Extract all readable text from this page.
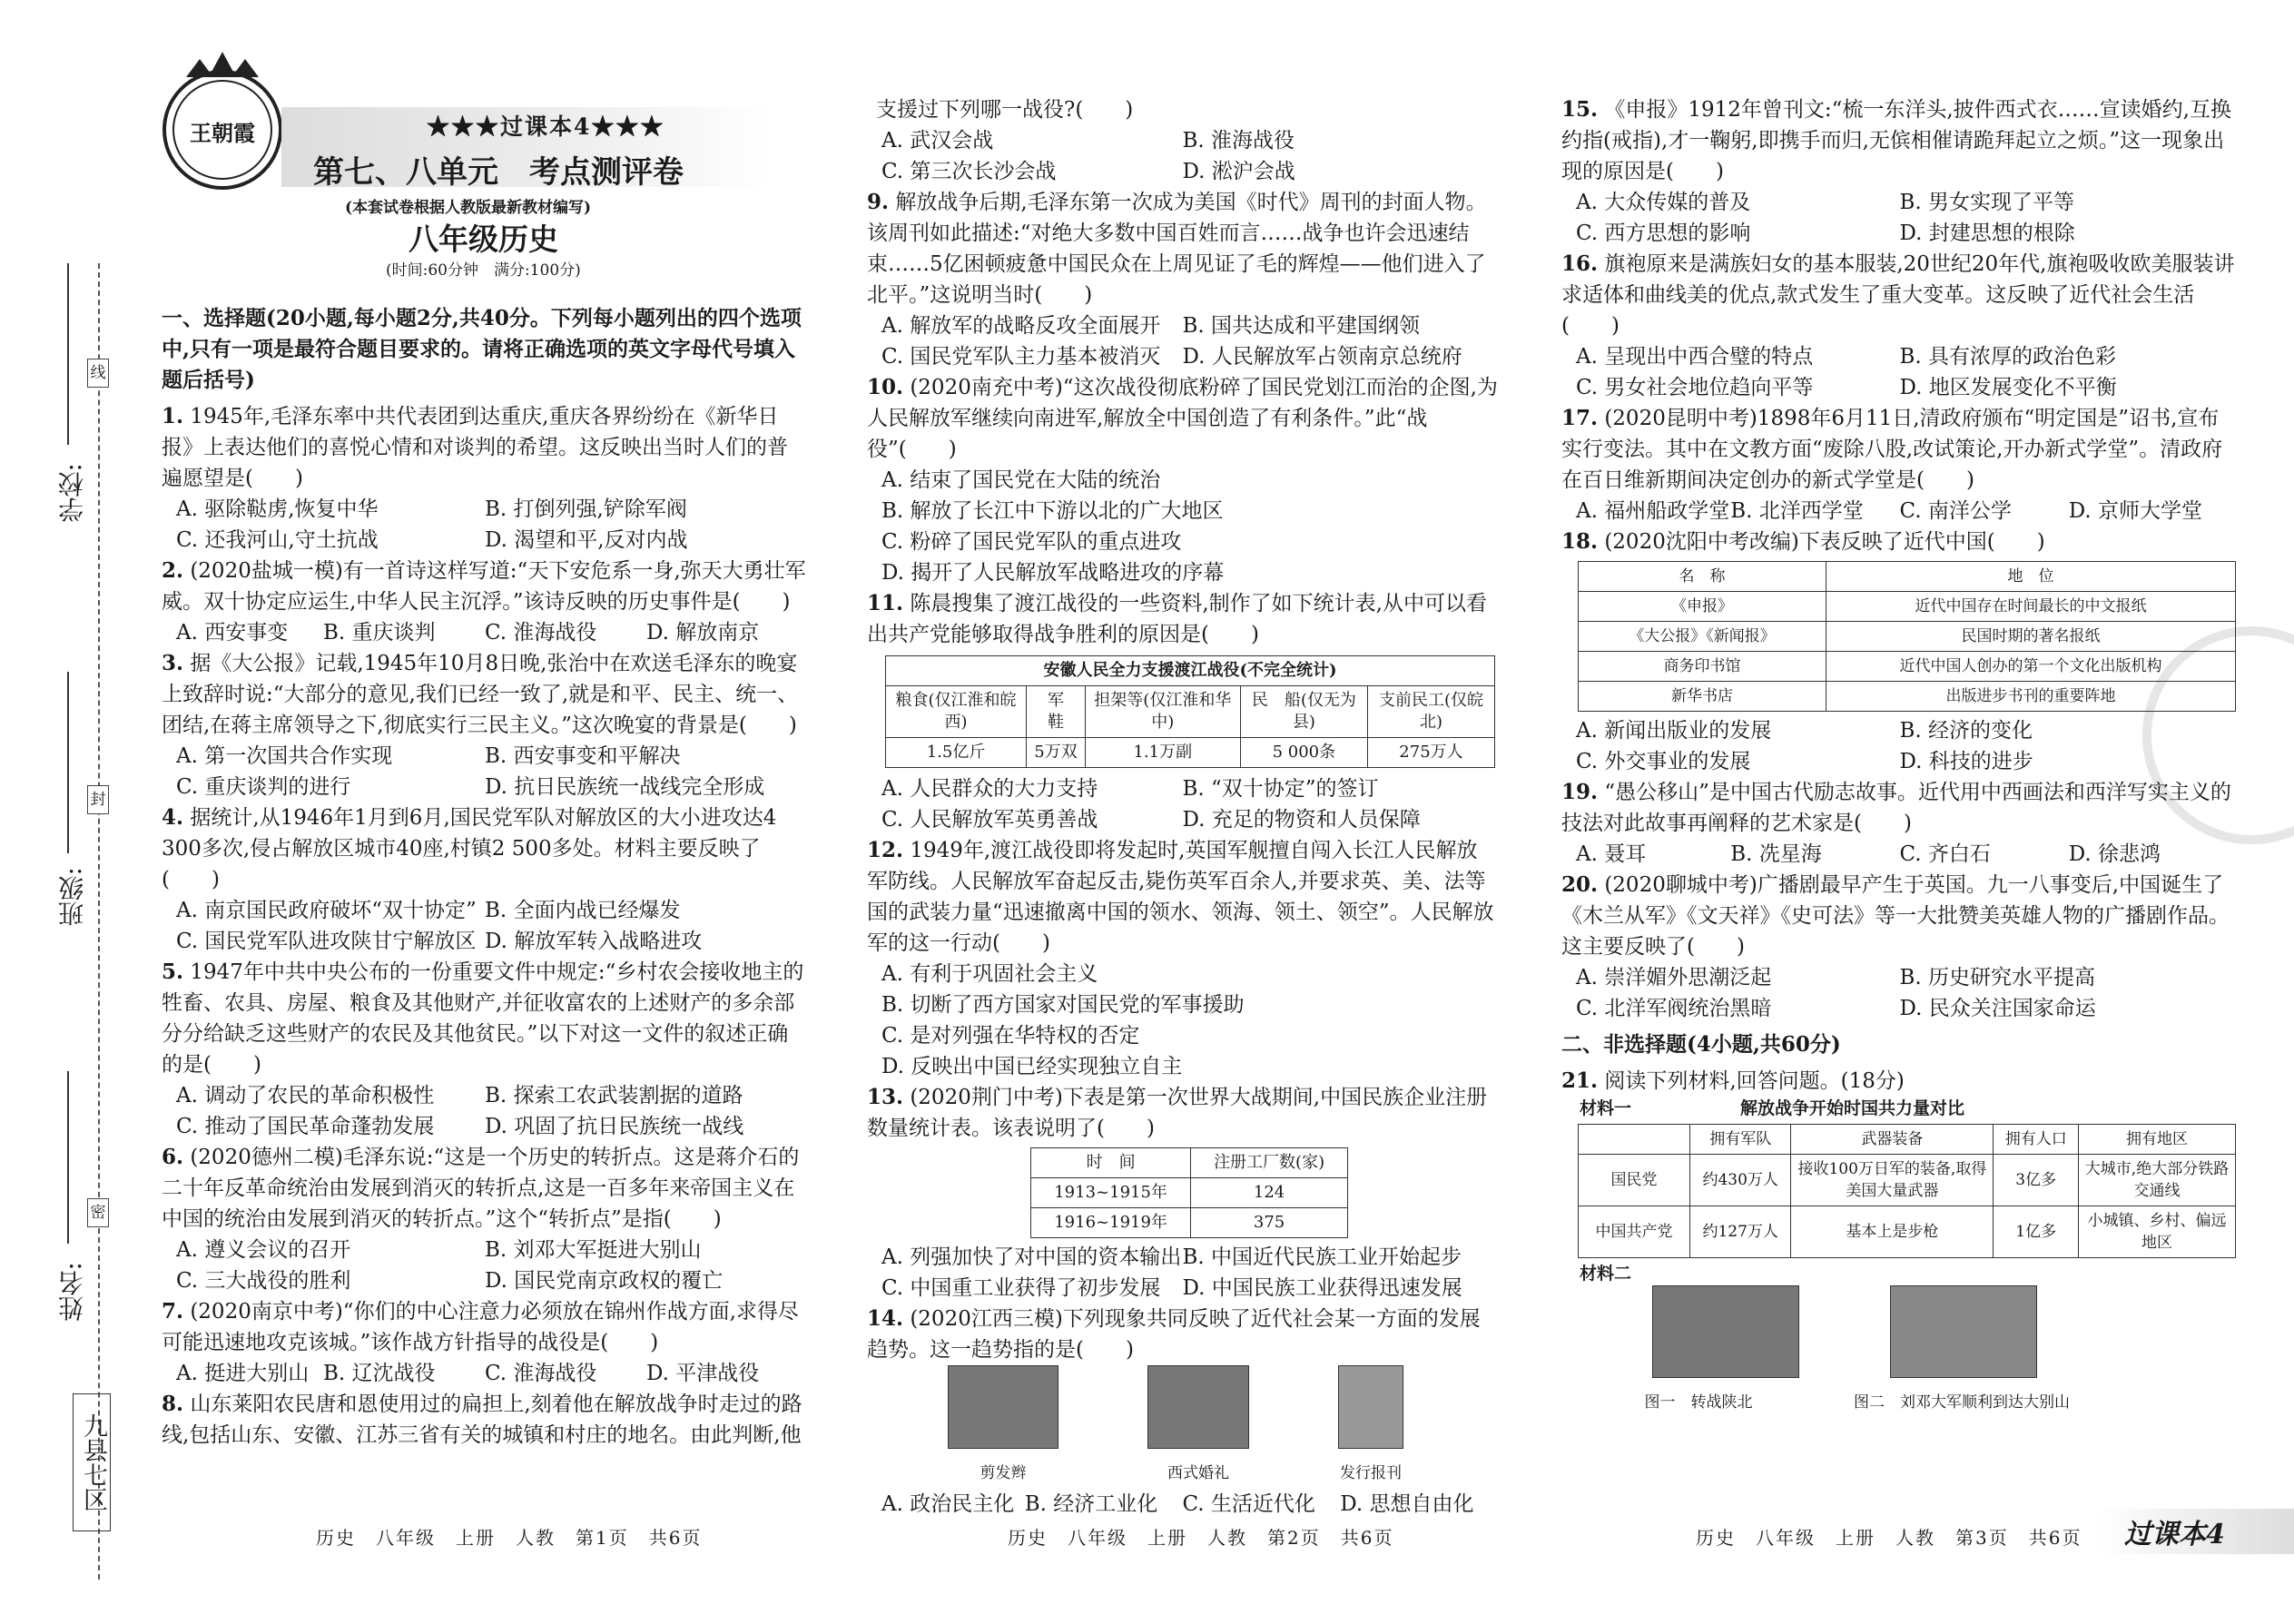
线
封
密
学校:
班级:
姓名:
九县七区
王朝霞	★★★过课本4★★★
第七、八单元　考点测评卷
(本套试卷根据人教版最新教材编写)
八年级历史
(时间:60分钟　满分:100分)

一、选择题(20小题,每小题2分,共40分。下列每小题列出的四个选项中,只有一项是最符合题目要求的。请将正确选项的英文字母代号填入题后括号)

1. 1945年,毛泽东率中共代表团到达重庆,重庆各界纷纷在《新华日报》上表达他们的喜悦心情和对谈判的希望。这反映出当时人们的普遍愿望是(　　)

A. 驱除鞑虏,恢复中华	B. 打倒列强,铲除军阀
C. 还我河山,守土抗战	D. 渴望和平,反对内战

2. (2020盐城一模)有一首诗这样写道:“天下安危系一身,弥天大勇壮军威。双十协定应运生,中华人民主沉浮。”该诗反映的历史事件是(　　)

A. 西安事变	B. 重庆谈判	C. 淮海战役	D. 解放南京

3. 据《大公报》记载,1945年10月8日晚,张治中在欢送毛泽东的晚宴上致辞时说:“大部分的意见,我们已经一致了,就是和平、民主、统一、团结,在蒋主席领导之下,彻底实行三民主义。”这次晚宴的背景是(　　)

A. 第一次国共合作实现	B. 西安事变和平解决
C. 重庆谈判的进行	D. 抗日民族统一战线完全形成

4. 据统计,从1946年1月到6月,国民党军队对解放区的大小进攻达4 300多次,侵占解放区城市40座,村镇2 500多处。材料主要反映了(　　)

A. 南京国民政府破坏“双十协定” B. 全面内战已经爆发
C. 国民党军队进攻陕甘宁解放区 D. 解放军转入战略进攻

5. 1947年中共中央公布的一份重要文件中规定:“乡村农会接收地主的牲畜、农具、房屋、粮食及其他财产,并征收富农的上述财产的多余部分分给缺乏这些财产的农民及其他贫民。”以下对这一文件的叙述正确的是(　　)

A. 调动了农民的革命积极性	B. 探索工农武装割据的道路
C. 推动了国民革命蓬勃发展	D. 巩固了抗日民族统一战线

6. (2020德州二模)毛泽东说:“这是一个历史的转折点。这是蒋介石的二十年反革命统治由发展到消灭的转折点,这是一百多年来帝国主义在中国的统治由发展到消灭的转折点。”这个“转折点”是指(　　)

A. 遵义会议的召开	B. 刘邓大军挺进大别山
C. 三大战役的胜利	D. 国民党南京政权的覆亡

7. (2020南京中考)“你们的中心注意力必须放在锦州作战方面,求得尽可能迅速地攻克该城。”该作战方针指导的战役是(　　)

A. 挺进大别山 B. 辽沈战役	C. 淮海战役	D. 平津战役

8. 山东莱阳农民唐和恩使用过的扁担上,刻着他在解放战争时走过的路线,包括山东、安徽、江苏三省有关的城镇和村庄的地名。由此判断,他

支援过下列哪一战役?(　　)

A. 武汉会战	B. 淮海战役
C. 第三次长沙会战	D. 淞沪会战

9. 解放战争后期,毛泽东第一次成为美国《时代》周刊的封面人物。该周刊如此描述:“对绝大多数中国百姓而言……战争也许会迅速结束……5亿困顿疲惫中国民众在上周见证了毛的辉煌——他们进入了北平。”这说明当时(　　)

A. 解放军的战略反攻全面展开	B. 国共达成和平建国纲领
C. 国民党军队主力基本被消灭	D. 人民解放军占领南京总统府

10. (2020南充中考)“这次战役彻底粉碎了国民党划江而治的企图,为人民解放军继续向南进军,解放全中国创造了有利条件。”此“战役”(　　)

A. 结束了国民党在大陆的统治
B. 解放了长江中下游以北的广大地区
C. 粉碎了国民党军队的重点进攻
D. 揭开了人民解放军战略进攻的序幕

11. 陈晨搜集了渡江战役的一些资料,制作了如下统计表,从中可以看出共产党能够取得战争胜利的原因是(　　)

安徽人民全力支援渡江战役(不完全统计)				
粮食(仅江淮和皖西)	军　鞋	担架等(仅江淮和华中)	民　船(仅无为县)	支前民工(仅皖北)
1.5亿斤	5万双	1.1万副	5 000条	275万人
A. 人民群众的大力支持	B. “双十协定”的签订
C. 人民解放军英勇善战	D. 充足的物资和人员保障

12. 1949年,渡江战役即将发起时,英国军舰擅自闯入长江人民解放军防线。人民解放军奋起反击,毙伤英军百余人,并要求英、美、法等国的武装力量“迅速撤离中国的领水、领海、领土、领空”。人民解放军的这一行动(　　)

A. 有利于巩固社会主义
B. 切断了西方国家对国民党的军事援助
C. 是对列强在华特权的否定
D. 反映出中国已经实现独立自主

13. (2020荆门中考)下表是第一次世界大战期间,中国民族企业注册数量统计表。该表说明了(　　)

时　间	注册工厂数(家)
1913~1915年	124
1916~1919年	375
A. 列强加快了对中国的资本输出 B. 中国近代民族工业开始起步
C. 中国重工业获得了初步发展	D. 中国民族工业获得迅速发展

14. (2020江西三模)下列现象共同反映了近代社会某一方面的发展趋势。这一趋势指的是(　　)

剪发辫	西式婚礼	发行报刊
A. 政治民主化 B. 经济工业化	C. 生活近代化	D. 思想自由化

15. 《申报》1912年曾刊文:“梳一东洋头,披件西式衣……宣读婚约,互换约指(戒指),才一鞠躬,即携手而归,无傧相催请跪拜起立之烦。”这一现象出现的原因是(　　)

A. 大众传媒的普及	B. 男女实现了平等
C. 西方思想的影响	D. 封建思想的根除

16. 旗袍原来是满族妇女的基本服装,20世纪20年代,旗袍吸收欧美服装讲求适体和曲线美的优点,款式发生了重大变革。这反映了近代社会生活(　　)

A. 呈现出中西合璧的特点	B. 具有浓厚的政治色彩
C. 男女社会地位趋向平等	D. 地区发展变化不平衡

17. (2020昆明中考)1898年6月11日,清政府颁布“明定国是”诏书,宣布实行变法。其中在文教方面“废除八股,改试策论,开办新式学堂”。清政府在百日维新期间决定创办的新式学堂是(　　)

A. 福州船政学堂 B. 北洋西学堂	C. 南洋公学	D. 京师大学堂

18. (2020沈阳中考改编)下表反映了近代中国(　　)

名　称	地　位
《申报》	近代中国存在时间最长的中文报纸
《大公报》《新闻报》	民国时期的著名报纸
商务印书馆	近代中国人创办的第一个文化出版机构
新华书店	出版进步书刊的重要阵地
A. 新闻出版业的发展	B. 经济的变化
C. 外交事业的发展	D. 科技的进步

19. “愚公移山”是中国古代励志故事。近代用中西画法和西洋写实主义的技法对此故事再阐释的艺术家是(　　)

A. 聂耳	B. 冼星海	C. 齐白石	D. 徐悲鸿

20. (2020聊城中考)广播剧最早产生于英国。九一八事变后,中国诞生了《木兰从军》《文天祥》《史可法》等一大批赞美英雄人物的广播剧作品。这主要反映了(　　)

A. 崇洋媚外思潮泛起	B. 历史研究水平提高
C. 北洋军阀统治黑暗	D. 民众关注国家命运

二、非选择题(4小题,共60分)

21. 阅读下列材料,回答问题。(18分)

材料一	解放战争开始时国共力量对比
	拥有军队	武器装备	拥有人口	拥有地区
国民党	约430万人	接收100万日军的装备,取得美国大量武器	3亿多	大城市,绝大部分铁路交通线
中国共产党	约127万人	基本上是步枪	1亿多	小城镇、乡村、偏远地区
材料二
图一　转战陕北	图二　刘邓大军顺利到达大别山
历史　八年级　上册　人教　第1页　共6页	历史　八年级　上册　人教　第2页　共6页	历史　八年级　上册　人教　第3页　共6页 过课本4
